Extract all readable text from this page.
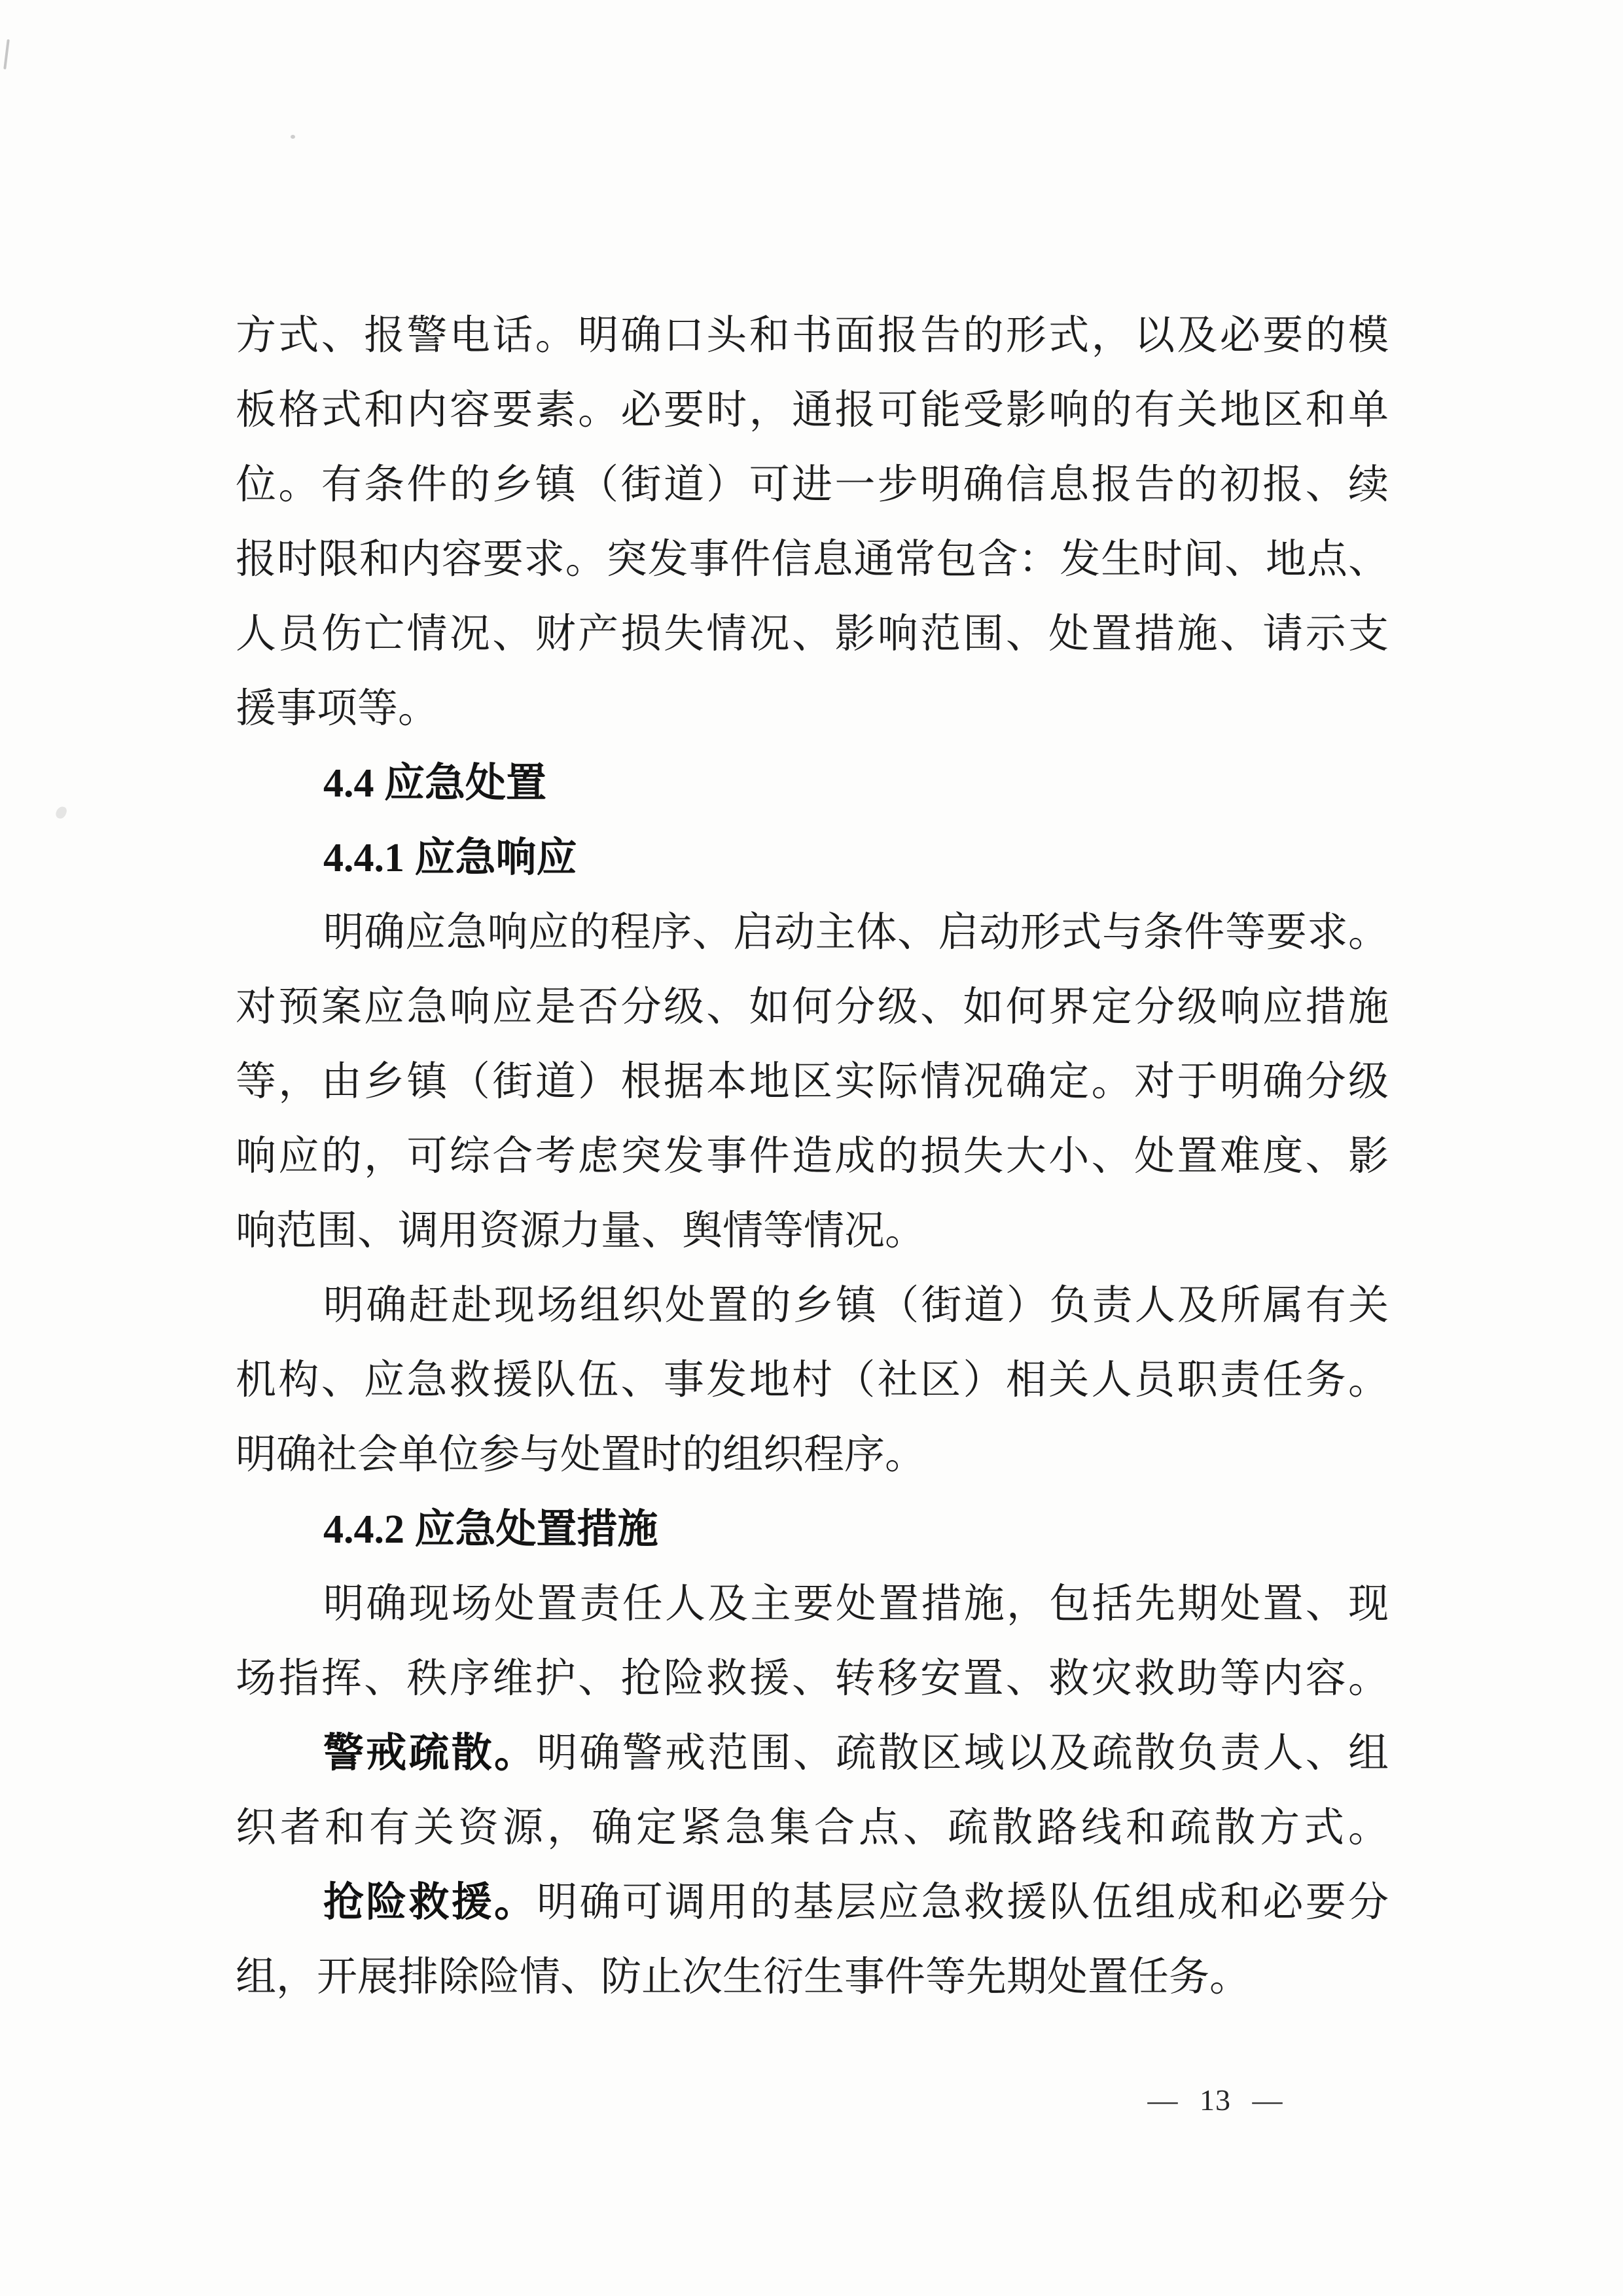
方式、报警电话。明确口头和书面报告的形式，以及必要的模

板格式和内容要素。必要时，通报可能受影响的有关地区和单

位。有条件的乡镇（街道）可进一步明确信息报告的初报、续

报时限和内容要求。突发事件信息通常包含：发生时间、地点、

人员伤亡情况、财产损失情况、影响范围、处置措施、请示支

援事项等。

4.4 应急处置
4.4.1 应急响应

明确应急响应的程序、启动主体、启动形式与条件等要求。

对预案应急响应是否分级、如何分级、如何界定分级响应措施

等，由乡镇（街道）根据本地区实际情况确定。对于明确分级

响应的，可综合考虑突发事件造成的损失大小、处置难度、影

响范围、调用资源力量、舆情等情况。

明确赶赴现场组织处置的乡镇（街道）负责人及所属有关

机构、应急救援队伍、事发地村（社区）相关人员职责任务。

明确社会单位参与处置时的组织程序。

4.4.2 应急处置措施

明确现场处置责任人及主要处置措施，包括先期处置、现

场指挥、秩序维护、抢险救援、转移安置、救灾救助等内容。

警戒疏散。明确警戒范围、疏散区域以及疏散负责人、组

织者和有关资源，确定紧急集合点、疏散路线和疏散方式。

抢险救援。明确可调用的基层应急救援队伍组成和必要分

组，开展排除险情、防止次生衍生事件等先期处置任务。

— 13 —
